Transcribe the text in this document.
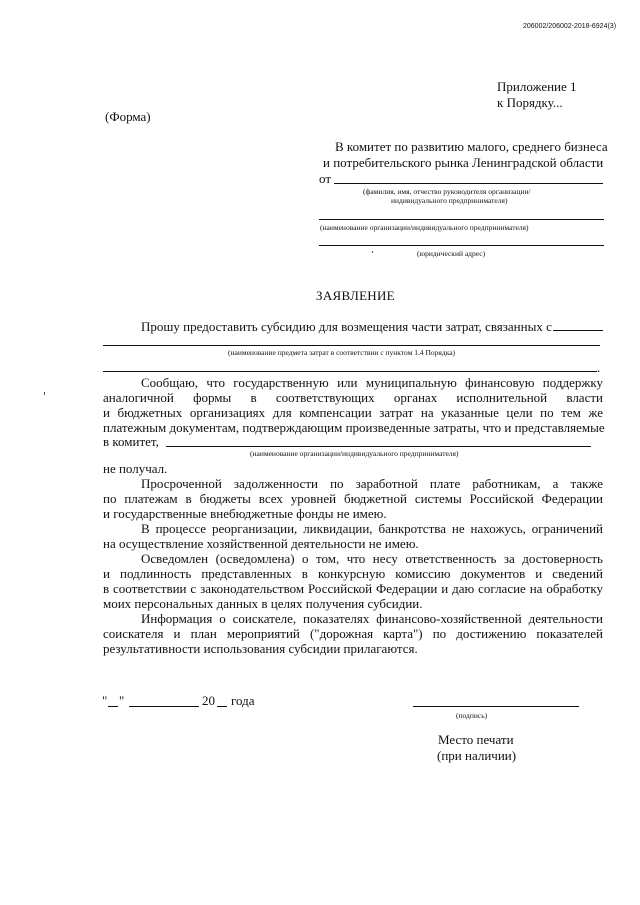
206002/206002-2018-6924(3)
Приложение 1
к Порядку...
(Форма)
В комитет по развитию малого, среднего бизнеса
и потребительского рынка Ленинградской области
от
(фамилия, имя, отчество руководителя организации/
индивидуального предпринимателя)
(наименование организации/индивидуального предпринимателя)
(юридический адрес)
ЗАЯВЛЕНИЕ
Прошу предоставить субсидию для возмещения части затрат, связанных с
(наименование предмета затрат в соответствии с пунктом 1.4 Порядка)
.
Сообщаю, что государственную или муниципальную финансовую поддержку
аналогичной формы в соответствующих органах исполнительной власти
и бюджетных организациях для компенсации затрат на указанные цели по тем же
платежным документам, подтверждающим произведенные затраты, что и представляемые
в комитет,
(наименование организации/индивидуального предпринимателя)
не получал.
Просроченной задолженности по заработной плате работникам, а также
по платежам в бюджеты всех уровней бюджетной системы Российской Федерации
и государственные внебюджетные фонды не имею.
В процессе реорганизации, ликвидации, банкротства не нахожусь, ограничений
на осуществление хозяйственной деятельности не имею.
Осведомлен (осведомлена) о том, что несу ответственность за достоверность
и подлинность представленных в конкурсную комиссию документов и сведений
в соответствии с законодательством Российской Федерации и даю согласие на обработку
моих персональных данных в целях получения субсидии.
Информация о соискателе, показателях финансово-хозяйственной деятельности
соискателя и план мероприятий ("дорожная карта") по достижению показателей
результативности использования субсидии прилагаются.
" "	20 года
(подпись)
Место печати
(при наличии)
